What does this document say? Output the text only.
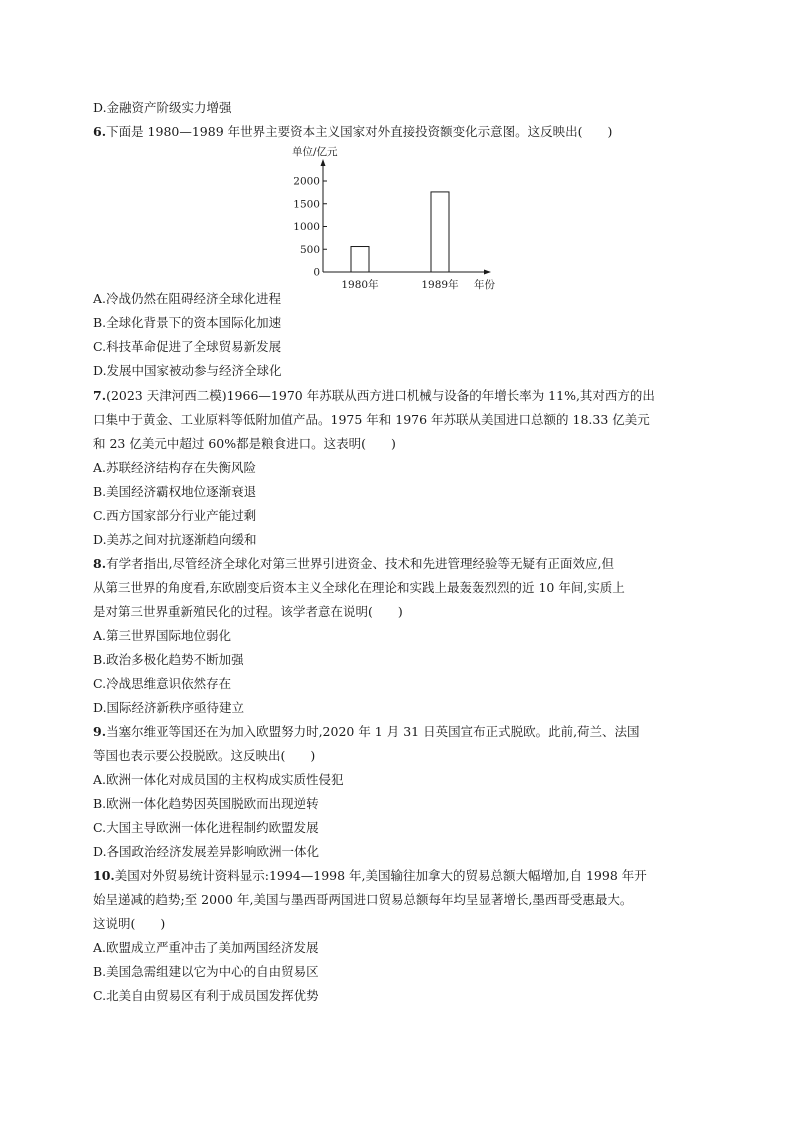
D.金融资产阶级实力增强
6.下面是 1980—1989 年世界主要资本主义国家对外直接投资额变化示意图。这反映出(　　)
A.冷战仍然在阻碍经济全球化进程
B.全球化背景下的资本国际化加速
C.科技革命促进了全球贸易新发展
D.发展中国家被动参与经济全球化
7.(2023 天津河西二模)1966—1970 年苏联从西方进口机械与设备的年增长率为 11%,其对西方的出
口集中于黄金、工业原料等低附加值产品。1975 年和 1976 年苏联从美国进口总额的 18.33 亿美元
和 23 亿美元中超过 60%都是粮食进口。这表明(　　)
A.苏联经济结构存在失衡风险
B.美国经济霸权地位逐渐衰退
C.西方国家部分行业产能过剩
D.美苏之间对抗逐渐趋向缓和
8.有学者指出,尽管经济全球化对第三世界引进资金、技术和先进管理经验等无疑有正面效应,但
从第三世界的角度看,东欧剧变后资本主义全球化在理论和实践上最轰轰烈烈的近 10 年间,实质上
是对第三世界重新殖民化的过程。该学者意在说明(　　)
A.第三世界国际地位弱化
B.政治多极化趋势不断加强
C.冷战思维意识依然存在
D.国际经济新秩序亟待建立
9.当塞尔维亚等国还在为加入欧盟努力时,2020 年 1 月 31 日英国宣布正式脱欧。此前,荷兰、法国
等国也表示要公投脱欧。这反映出(　　)
A.欧洲一体化对成员国的主权构成实质性侵犯
B.欧洲一体化趋势因英国脱欧而出现逆转
C.大国主导欧洲一体化进程制约欧盟发展
D.各国政治经济发展差异影响欧洲一体化
10.美国对外贸易统计资料显示:1994—1998 年,美国输往加拿大的贸易总额大幅增加,自 1998 年开
始呈递减的趋势;至 2000 年,美国与墨西哥两国进口贸易总额每年均呈显著增长,墨西哥受惠最大。
这说明(　　)
A.欧盟成立严重冲击了美加两国经济发展
B.美国急需组建以它为中心的自由贸易区
C.北美自由贸易区有利于成员国发挥优势
单位/亿元
年份
0
500
1000
1500
2000
1980年	1989年
